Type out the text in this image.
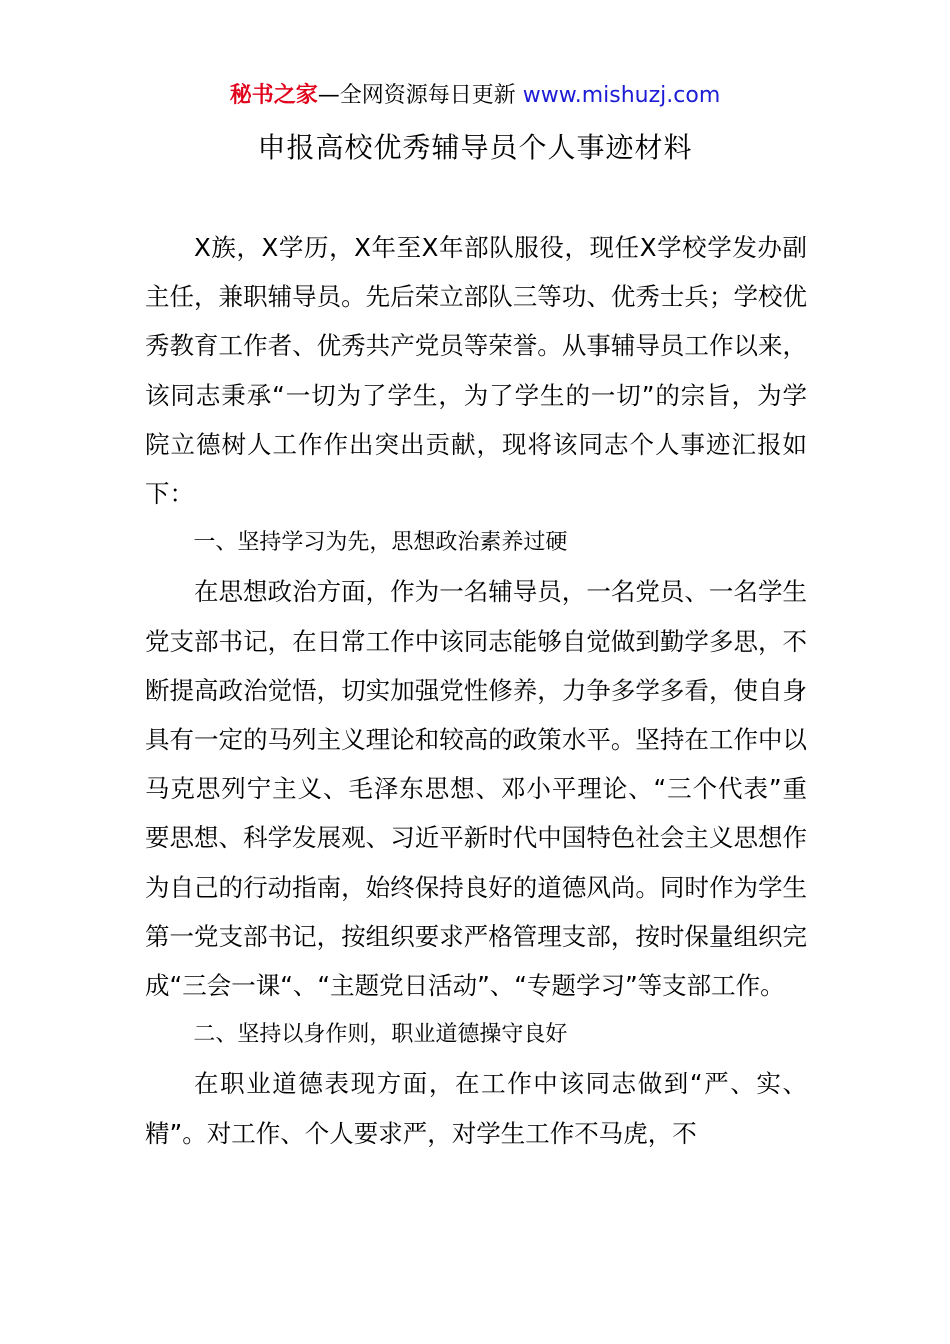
秘书之家—全网资源每日更新 www.mishuzj.com
申报高校优秀辅导员个人事迹材料

X族，X学历，X年至X年部队服役，现任X学校学发办副主任，兼职辅导员。先后荣立部队三等功、优秀士兵；学校优秀教育工作者、优秀共产党员等荣誉。从事辅导员工作以来，该同志秉承“一切为了学生，为了学生的一切”的宗旨，为学院立德树人工作作出突出贡献，现将该同志个人事迹汇报如下：

一、坚持学习为先，思想政治素养过硬

在思想政治方面，作为一名辅导员，一名党员、一名学生党支部书记，在日常工作中该同志能够自觉做到勤学多思，不断提高政治觉悟，切实加强党性修养，力争多学多看，使自身具有一定的马列主义理论和较高的政策水平。坚持在工作中以马克思列宁主义、毛泽东思想、邓小平理论、“三个代表”重要思想、科学发展观、习近平新时代中国特色社会主义思想作为自己的行动指南，始终保持良好的道德风尚。同时作为学生第一党支部书记，按组织要求严格管理支部，按时保量组织完成“三会一课“、“主题党日活动”、“专题学习”等支部工作。

二、坚持以身作则，职业道德操守良好

在职业道德表现方面，在工作中该同志做到“严、实、精”。对工作、个人要求严，对学生工作不马虎，不
